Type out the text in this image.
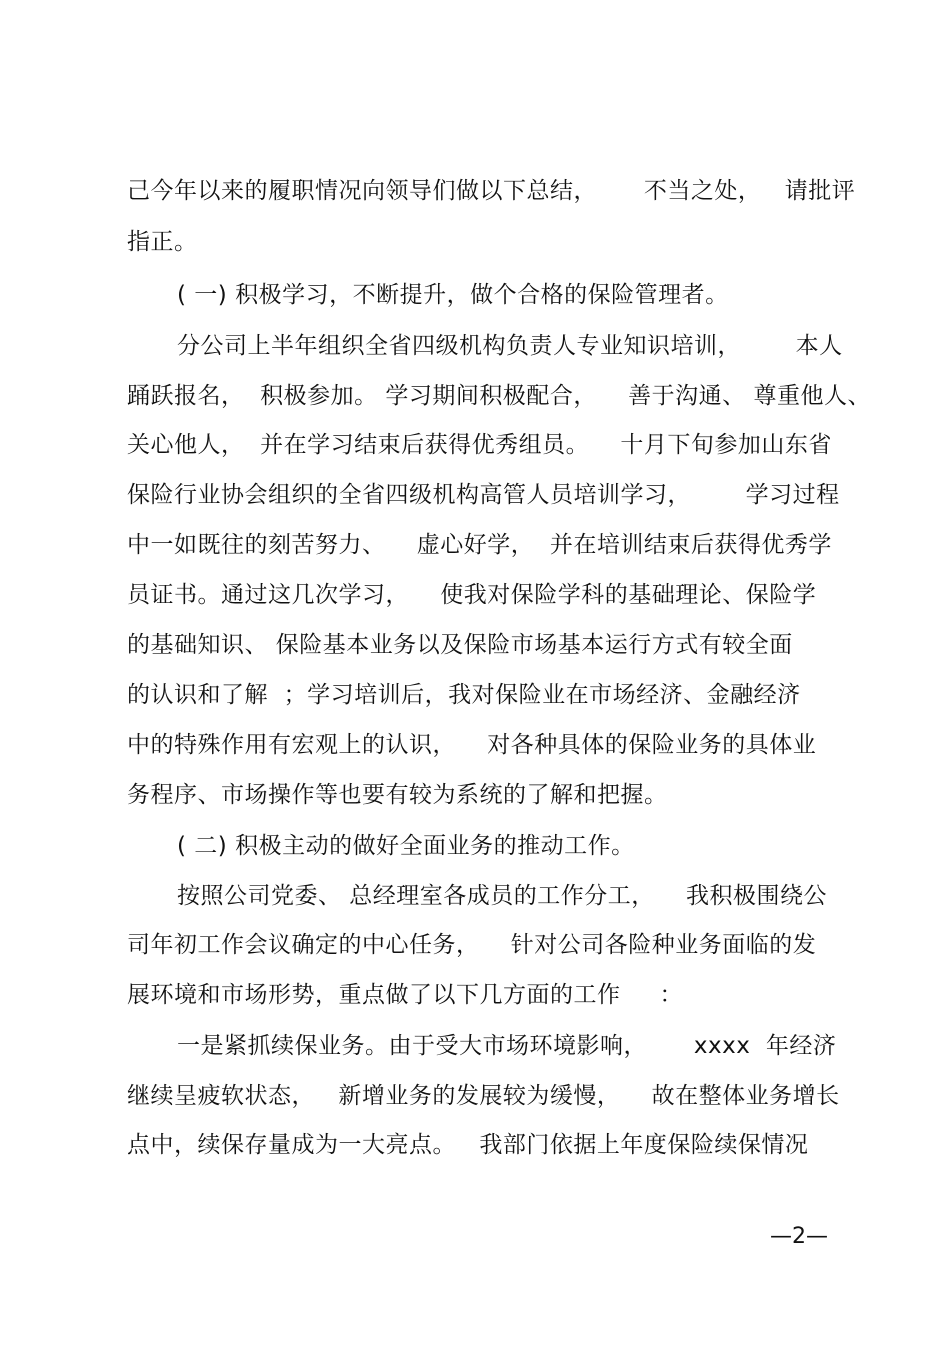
己今年以来的履职情况向领导们做以下总结，      不当之处，   请批评
指正。
( 一) 积极学习，不断提升，做个合格的保险管理者。
分公司上半年组织全省四级机构负责人专业知识培训，       本人
踊跃报名，  积极参加。 学习期间积极配合，    善于沟通、 尊重他人、
关心他人，  并在学习结束后获得优秀组员。    十月下旬参加山东省
保险行业协会组织的全省四级机构高管人员培训学习，       学习过程
中一如既往的刻苦努力、    虚心好学，  并在培训结束后获得优秀学
员证书。通过这几次学习，    使我对保险学科的基础理论、保险学
的基础知识、 保险基本业务以及保险市场基本运行方式有较全面
的认识和了解  ；学习培训后，我对保险业在市场经济、金融经济
中的特殊作用有宏观上的认识，    对各种具体的保险业务的具体业
务程序、市场操作等也要有较为系统的了解和把握。
( 二) 积极主动的做好全面业务的推动工作。
按照公司党委、 总经理室各成员的工作分工，    我积极围绕公
司年初工作会议确定的中心任务，    针对公司各险种业务面临的发
展环境和市场形势，重点做了以下几方面的工作     ：
一是紧抓续保业务。由于受大市场环境影响，      xxxx  年经济
继续呈疲软状态，   新增业务的发展较为缓慢，    故在整体业务增长
点中，续保存量成为一大亮点。   我部门依据上年度保险续保情况
—2—
